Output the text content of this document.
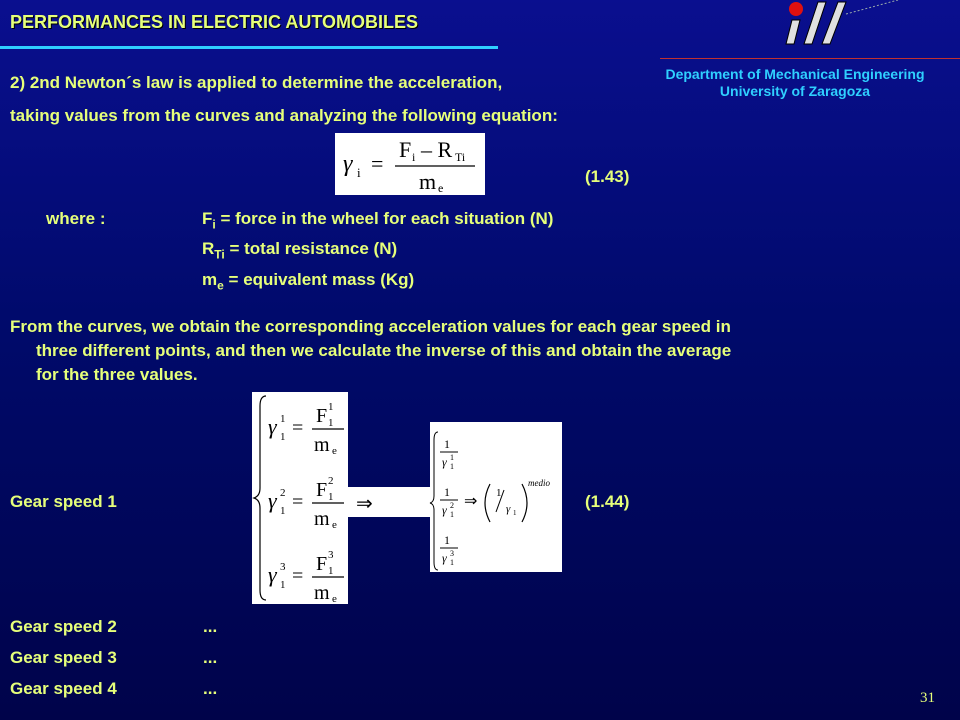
PERFORMANCES IN ELECTRIC AUTOMOBILES
Department of Mechanical Engineering
University of Zaragoza
2) 2nd Newton´s law is applied to determine the acceleration,
taking values from the curves and analyzing the following equation:
γ i =
F i – R Ti
m e
(1.43)
where :	$F_i$ = force in the wheel for each situation (N)
$R_{Ti}$ = total resistance (N)
$m_e$ = equivalent mass (Kg)
From the curves, we obtain the corresponding acceleration values for each gear speed in
three different points, and then we calculate the inverse of this and obtain the average
for the three values.
γ 1
1 =
F 1
1
m e
γ 2
1 =
F 2
1
m e
γ 3
1 =
F 3
1
m e
⇒
1
γ 1
1
1
γ 2
1
1
γ 3
1
⇒ 1
γ 1
medio
(1.44)
Gear speed 1
Gear speed 2	...
Gear speed 3	...
Gear speed 4	...	31
